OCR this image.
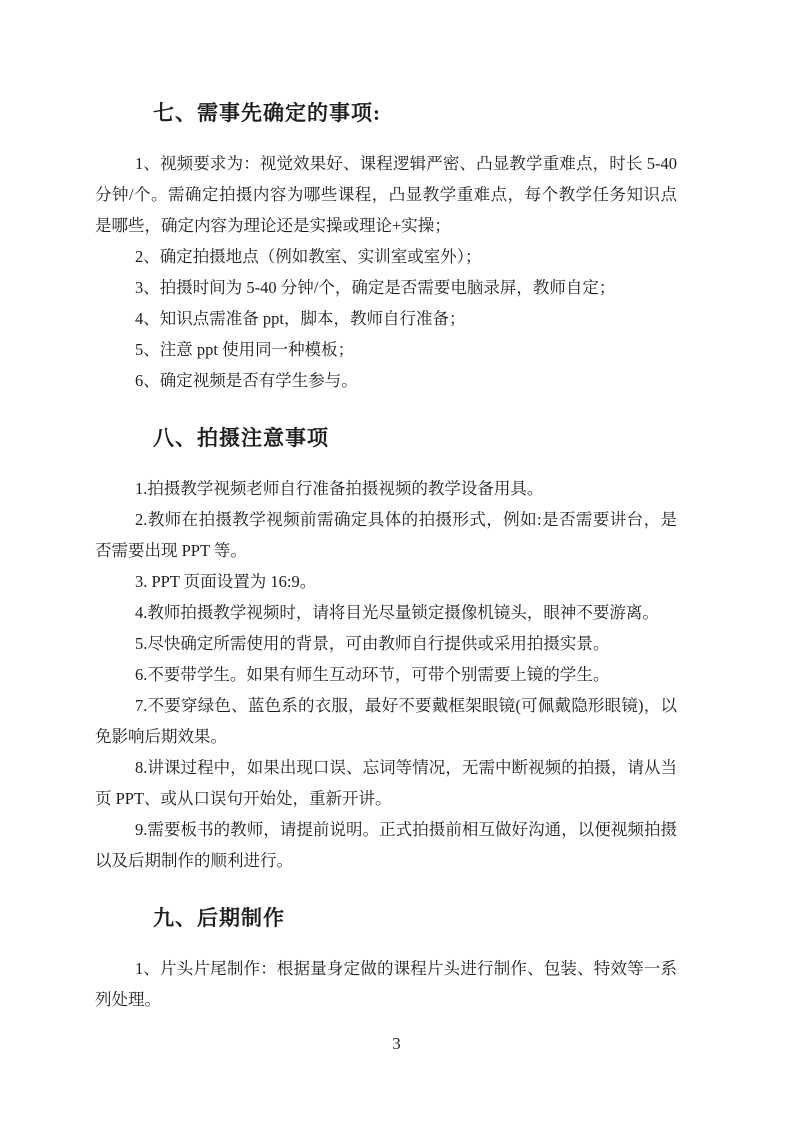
七、需事先确定的事项:

1、视频要求为：视觉效果好、课程逻辑严密、凸显教学重难点，时长 5-40 分钟/个。需确定拍摄内容为哪些课程，凸显教学重难点，每个教学任务知识点是哪些，确定内容为理论还是实操或理论+实操；

2、确定拍摄地点（例如教室、实训室或室外）；

3、拍摄时间为 5-40 分钟/个，确定是否需要电脑录屏，教师自定；

4、知识点需准备 ppt，脚本，教师自行准备；

5、注意 ppt 使用同一种模板；

6、确定视频是否有学生参与。

八、拍摄注意事项

1.拍摄教学视频老师自行准备拍摄视频的教学设备用具。

2.教师在拍摄教学视频前需确定具体的拍摄形式，例如:是否需要讲台，是否需要出现 PPT 等。

3. PPT 页面设置为 16:9。

4.教师拍摄教学视频时，请将目光尽量锁定摄像机镜头，眼神不要游离。

5.尽快确定所需使用的背景，可由教师自行提供或采用拍摄实景。

6.不要带学生。如果有师生互动环节，可带个别需要上镜的学生。

7.不要穿绿色、蓝色系的衣服，最好不要戴框架眼镜(可佩戴隐形眼镜)，以免影响后期效果。

8.讲课过程中，如果出现口误、忘词等情况，无需中断视频的拍摄，请从当页 PPT、或从口误句开始处，重新开讲。

9.需要板书的教师，请提前说明。正式拍摄前相互做好沟通，以便视频拍摄以及后期制作的顺利进行。

九、后期制作

1、片头片尾制作：根据量身定做的课程片头进行制作、包装、特效等一系列处理。

3
